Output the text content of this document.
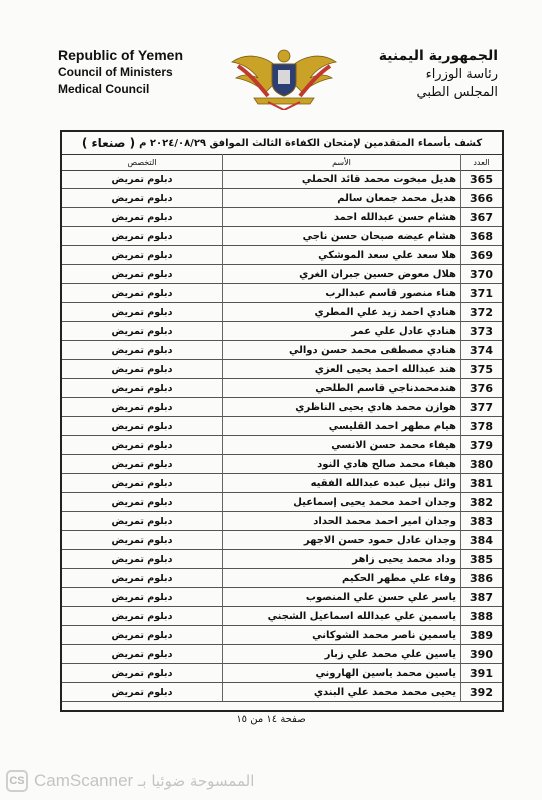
Republic of Yemen
Council of Ministers
Medical Council
الجمهورية اليمنية
رئاسة الوزراء
المجلس الطبي
كشف بأسماء المتقدمين لإمتحان الكفاءة الثالث الموافق ٢٠٢٤/٠٨/٢٩ م
( صنعاء )
العدد
الأسم
التخصص
365
هديل مبخوت محمد قائد الحملي
دبلوم تمريض
366
هديل محمد جمعان سالم
دبلوم تمريض
367
هشام حسن عبدالله احمد
دبلوم تمريض
368
هشام عيضه صبحان حسن ناجي
دبلوم تمريض
369
هلا سعد علي سعد الموشكي
دبلوم تمريض
370
هلال معوض حسين جبران الغري
دبلوم تمريض
371
هناء منصور قاسم عبدالرب
دبلوم تمريض
372
هنادي احمد زيد علي المطري
دبلوم تمريض
373
هنادي عادل علي عمر
دبلوم تمريض
374
هنادي مصطفى محمد حسن دوالي
دبلوم تمريض
375
هند عبدالله احمد يحيى العزي
دبلوم تمريض
376
هندمحمدناجي قاسم الطلحي
دبلوم تمريض
377
هوازن محمد هادي يحيى الناظري
دبلوم تمريض
378
هيام مطهر احمد القليسي
دبلوم تمريض
379
هيفاء محمد حسن الانسي
دبلوم تمريض
380
هيفاء محمد صالح هادي النود
دبلوم تمريض
381
وائل نبيل عبده عبدالله الفقيه
دبلوم تمريض
382
وجدان احمد محمد يحيى إسماعيل
دبلوم تمريض
383
وجدان امير احمد محمد الحداد
دبلوم تمريض
384
وجدان عادل حمود حسن الاجهر
دبلوم تمريض
385
وداد محمد يحيى زاهر
دبلوم تمريض
386
وفاء علي مطهر الحكيم
دبلوم تمريض
387
ياسر علي حسن علي المنصوب
دبلوم تمريض
388
ياسمين علي عبدالله اسماعيل الشجني
دبلوم تمريض
389
ياسمين ناصر محمد الشوكاني
دبلوم تمريض
390
ياسين علي محمد علي زبار
دبلوم تمريض
391
ياسين محمد ياسين الهاروني
دبلوم تمريض
392
يحيى محمد محمد علي البندي
دبلوم تمريض
صفحة ١٤ من ١٥
CS	الممسوحة ضوئيا بـ CamScanner
